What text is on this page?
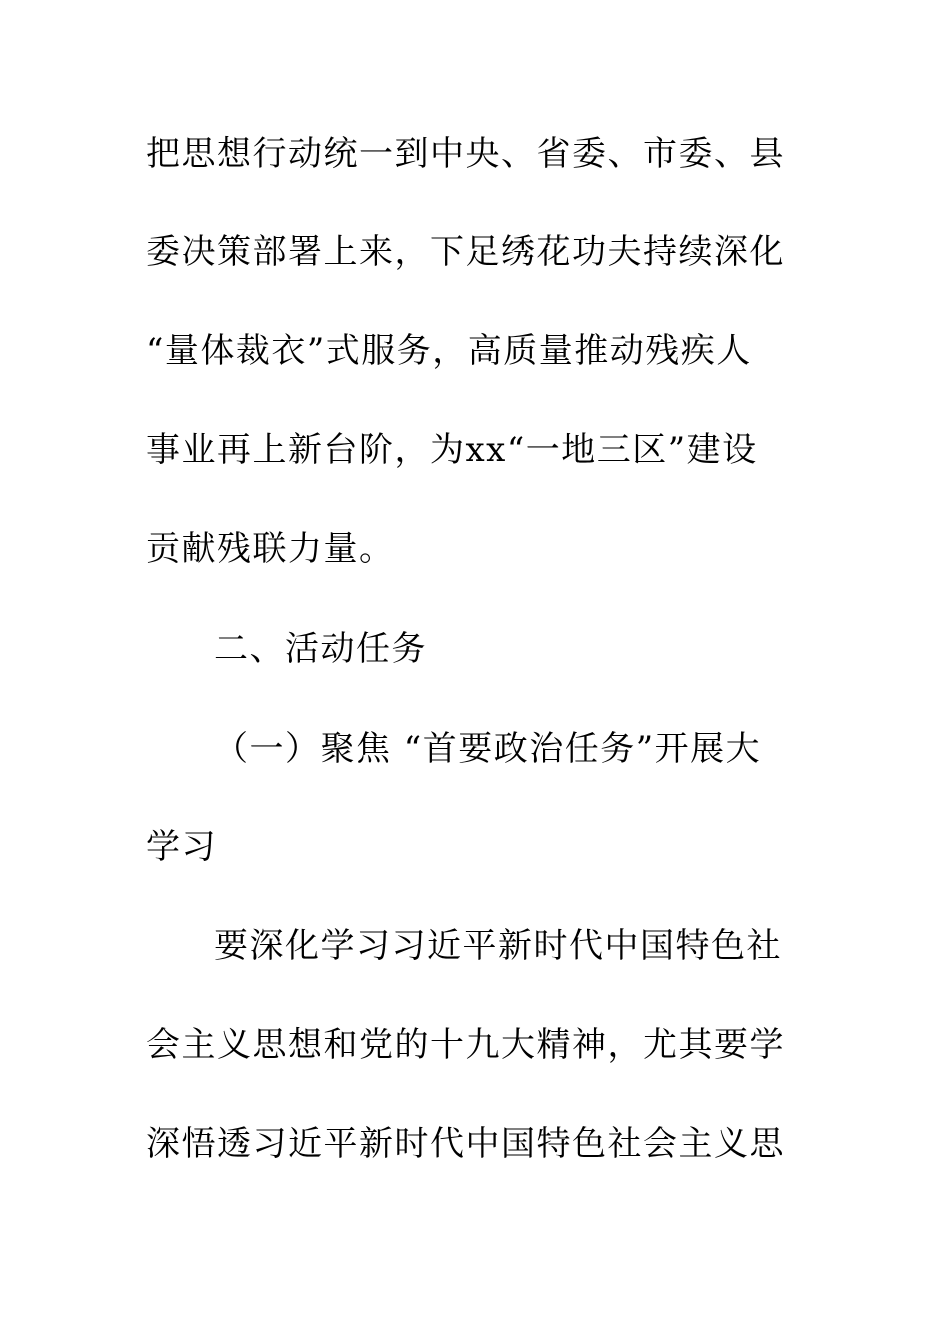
把思想行动统一到中央、省委、市委、县
委决策部署上来，下足绣花功夫持续深化
“量体裁衣”式服务，高质量推动残疾人
事业再上新台阶，为xx“一地三区”建设
贡献残联力量。
二、活动任务
（一）聚焦 “首要政治任务”开展大
学习
要深化学习习近平新时代中国特色社
会主义思想和党的十九大精神，尤其要学
深悟透习近平新时代中国特色社会主义思
